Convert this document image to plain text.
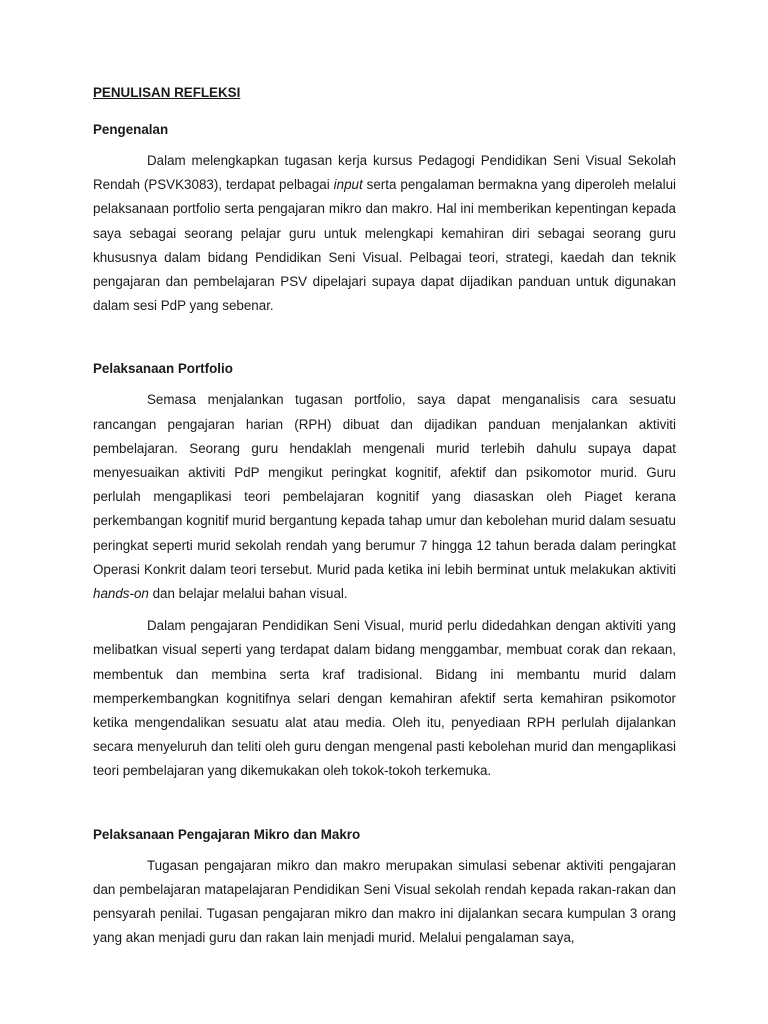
PENULISAN REFLEKSI
Pengenalan

Dalam melengkapkan tugasan kerja kursus Pedagogi Pendidikan Seni Visual Sekolah Rendah (PSVK3083), terdapat pelbagai input serta pengalaman bermakna yang diperoleh melalui pelaksanaan portfolio serta pengajaran mikro dan makro. Hal ini memberikan kepentingan kepada saya sebagai seorang pelajar guru untuk melengkapi kemahiran diri sebagai seorang guru khususnya dalam bidang Pendidikan Seni Visual. Pelbagai teori, strategi, kaedah dan teknik pengajaran dan pembelajaran PSV dipelajari supaya dapat dijadikan panduan untuk digunakan dalam sesi PdP yang sebenar.

Pelaksanaan Portfolio

Semasa menjalankan tugasan portfolio, saya dapat menganalisis cara sesuatu rancangan pengajaran harian (RPH) dibuat dan dijadikan panduan menjalankan aktiviti pembelajaran. Seorang guru hendaklah mengenali murid terlebih dahulu supaya dapat menyesuaikan aktiviti PdP mengikut peringkat kognitif, afektif dan psikomotor murid. Guru perlulah mengaplikasi teori pembelajaran kognitif yang diasaskan oleh Piaget kerana perkembangan kognitif murid bergantung kepada tahap umur dan kebolehan murid dalam sesuatu peringkat seperti murid sekolah rendah yang berumur 7 hingga 12 tahun berada dalam peringkat Operasi Konkrit dalam teori tersebut. Murid pada ketika ini lebih berminat untuk melakukan aktiviti hands-on dan belajar melalui bahan visual.

Dalam pengajaran Pendidikan Seni Visual, murid perlu didedahkan dengan aktiviti yang melibatkan visual seperti yang terdapat dalam bidang menggambar, membuat corak dan rekaan, membentuk dan membina serta kraf tradisional. Bidang ini membantu murid dalam memperkembangkan kognitifnya selari dengan kemahiran afektif serta kemahiran psikomotor ketika mengendalikan sesuatu alat atau media. Oleh itu, penyediaan RPH perlulah dijalankan secara menyeluruh dan teliti oleh guru dengan mengenal pasti kebolehan murid dan mengaplikasi teori pembelajaran yang dikemukakan oleh tokok-tokoh terkemuka.

Pelaksanaan Pengajaran Mikro dan Makro

Tugasan pengajaran mikro dan makro merupakan simulasi sebenar aktiviti pengajaran dan pembelajaran matapelajaran Pendidikan Seni Visual sekolah rendah kepada rakan-rakan dan pensyarah penilai. Tugasan pengajaran mikro dan makro ini dijalankan secara kumpulan 3 orang yang akan menjadi guru dan rakan lain menjadi murid. Melalui pengalaman saya,
